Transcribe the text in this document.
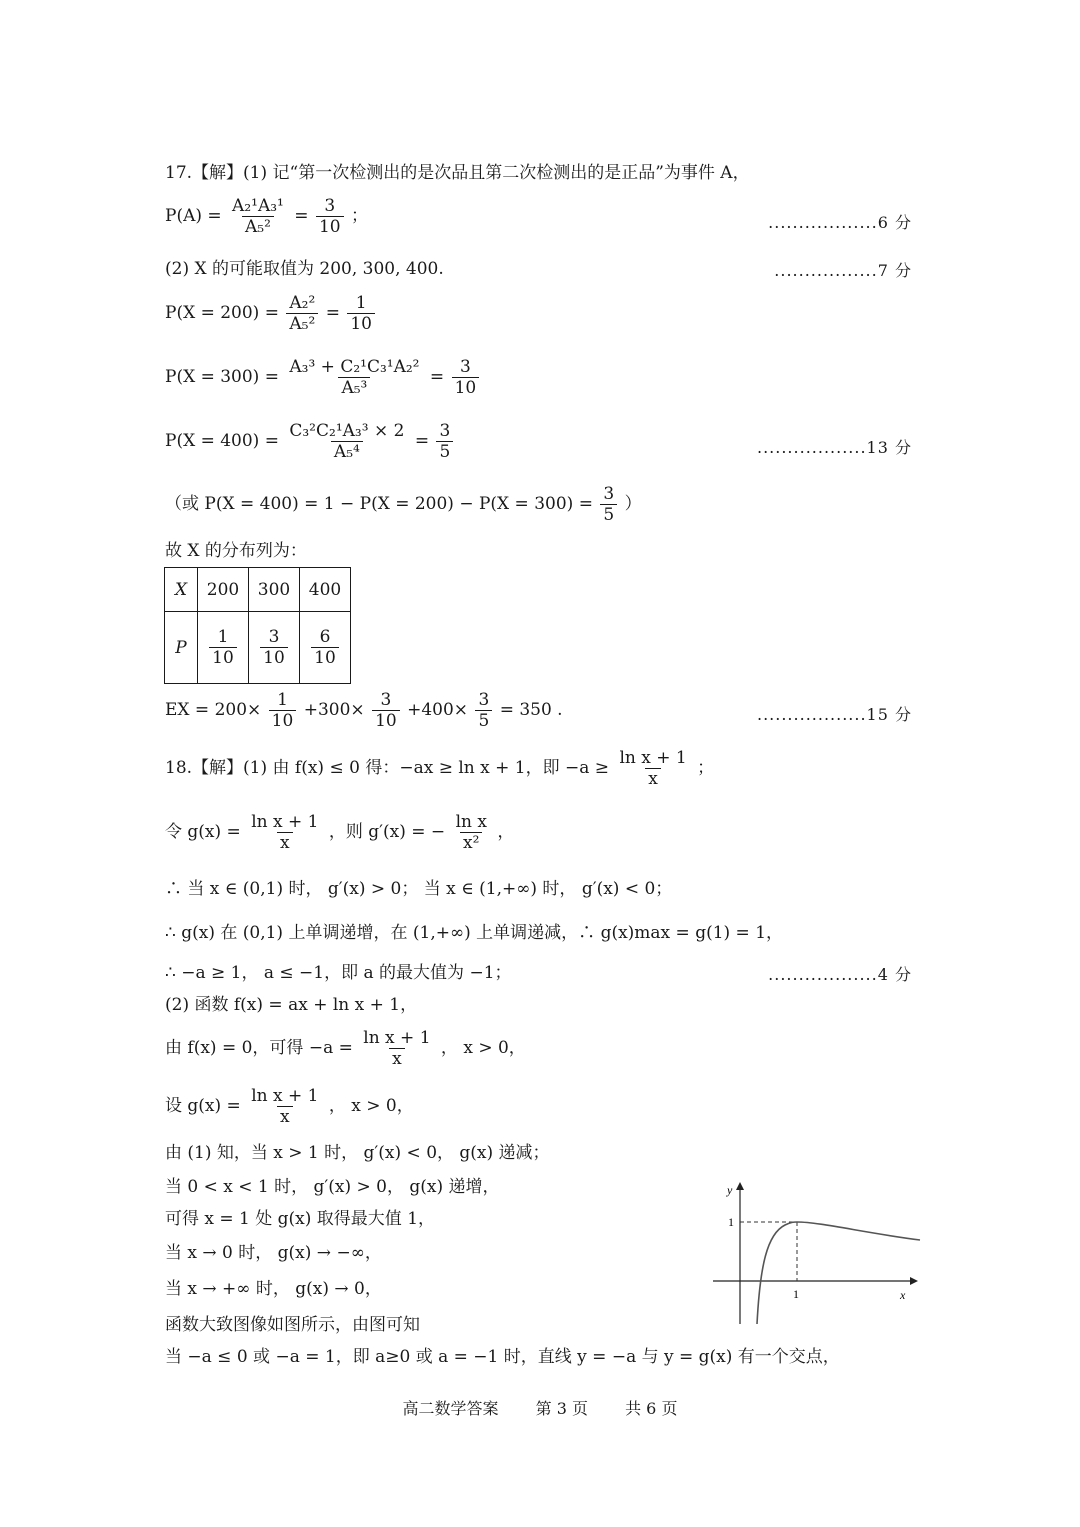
17.【解】(1) 记“第一次检测出的是次品且第二次检测出的是正品”为事件 A，
$P(A) = \frac{\text{A₂¹A₃¹}}{\text{A₅²}} = \frac{3}{10}$ ；	..................6 分
(2) X 的可能取值为 200, 300, 400.	.................7 分
$P(X = 200) = \frac{\text{A₂²}}{\text{A₅²}} = \frac{1}{10}$
$P(X = 300) = \frac{\text{A₃³ + C₂¹C₃¹A₂²}}{\text{A₅³}} = \frac{3}{10}$
$P(X = 400) = \frac{\text{C₃²C₂¹A₃³ × 2}}{\text{A₅⁴}} = \frac{3}{5}$	..................13 分
（或 $P(X = 400) = 1 - P(X = 200) - P(X = 300) = \frac{3}{5}$ ）
故 X 的分布列为：
X	200	300	400
P	$\frac{1}{10}$	$\frac{3}{10}$	$\frac{6}{10}$
EX = $200\times \frac{1}{10} +300\times \frac{3}{10} +400\times \frac{3}{5} = 350$ .	..................15 分
18.【解】(1) 由 f(x) ≤ 0 得：−ax ≥ ln x + 1，即 $-a \ge \frac{\text{ln x + 1}}{x}$ ；
令 $g(x) = \frac{\text{ln x + 1}}{x}$ ，则 g′(x) = − $\frac{\text{ln x}}{\text{x²}}$ ，
∴ 当 x ∈ (0,1) 时， g′(x) > 0； 当 x ∈ (1,+∞) 时， g′(x) < 0；
∴ g(x) 在 (0,1) 上单调递增，在 (1,+∞) 上单调递减，∴ g(x)max = g(1) = 1，
∴ −a ≥ 1， a ≤ −1，即 a 的最大值为 −1；	..................4 分
(2) 函数 f(x) = ax + ln x + 1，
由 f(x) = 0，可得 $-a = \frac{\text{ln x + 1}}{x}$ ， x > 0，
设 $g(x) = \frac{\text{ln x + 1}}{x}$ ， x > 0，
由 (1) 知，当 x > 1 时， g′(x) < 0， g(x) 递减；
当 0 < x < 1 时， g′(x) > 0， g(x) 递增，
可得 x = 1 处 g(x) 取得最大值 1，
当 x → 0 时， g(x) → −∞，
当 x → +∞ 时， g(x) → 0，
函数大致图像如图所示，由图可知
当 −a ≤ 0 或 −a = 1，即 a≥0 或 a = −1 时，直线 y = −a 与 y = g(x) 有一个交点，
y
x
1
1
高二数学答案 第 3 页 共 6 页
